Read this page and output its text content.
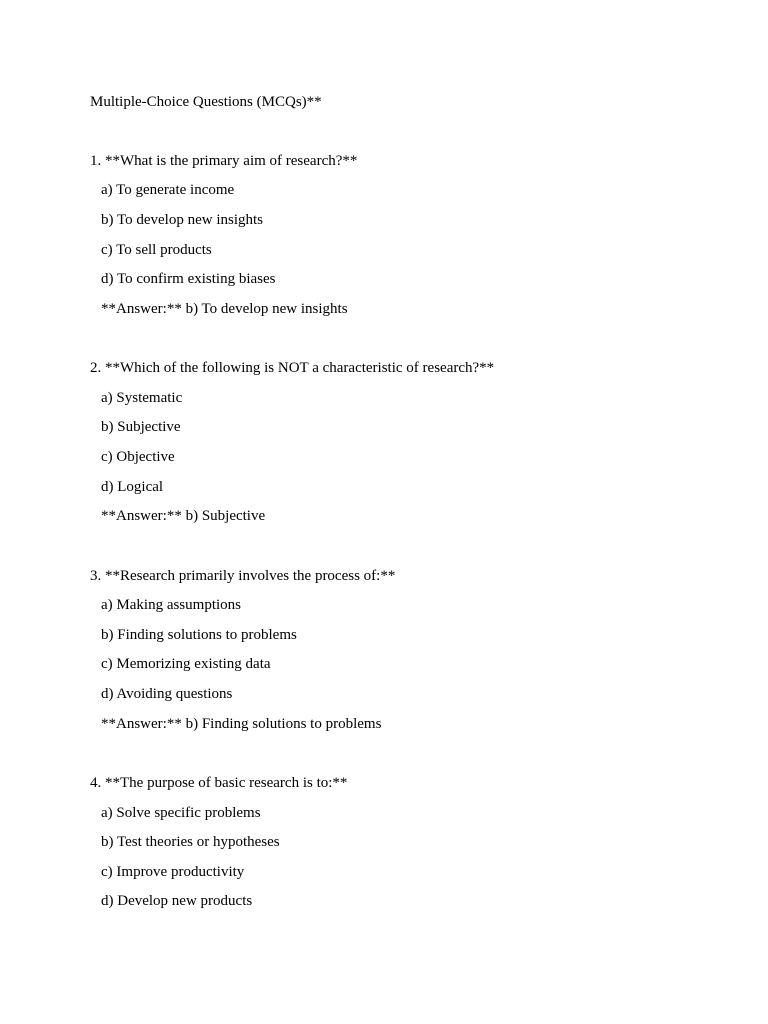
Multiple-Choice Questions (MCQs)**
1. **What is the primary aim of research?**
a) To generate income
b) To develop new insights
c) To sell products
d) To confirm existing biases
**Answer:** b) To develop new insights
2. **Which of the following is NOT a characteristic of research?**
a) Systematic
b) Subjective
c) Objective
d) Logical
**Answer:** b) Subjective
3. **Research primarily involves the process of:**
a) Making assumptions
b) Finding solutions to problems
c) Memorizing existing data
d) Avoiding questions
**Answer:** b) Finding solutions to problems
4. **The purpose of basic research is to:**
a) Solve specific problems
b) Test theories or hypotheses
c) Improve productivity
d) Develop new products
